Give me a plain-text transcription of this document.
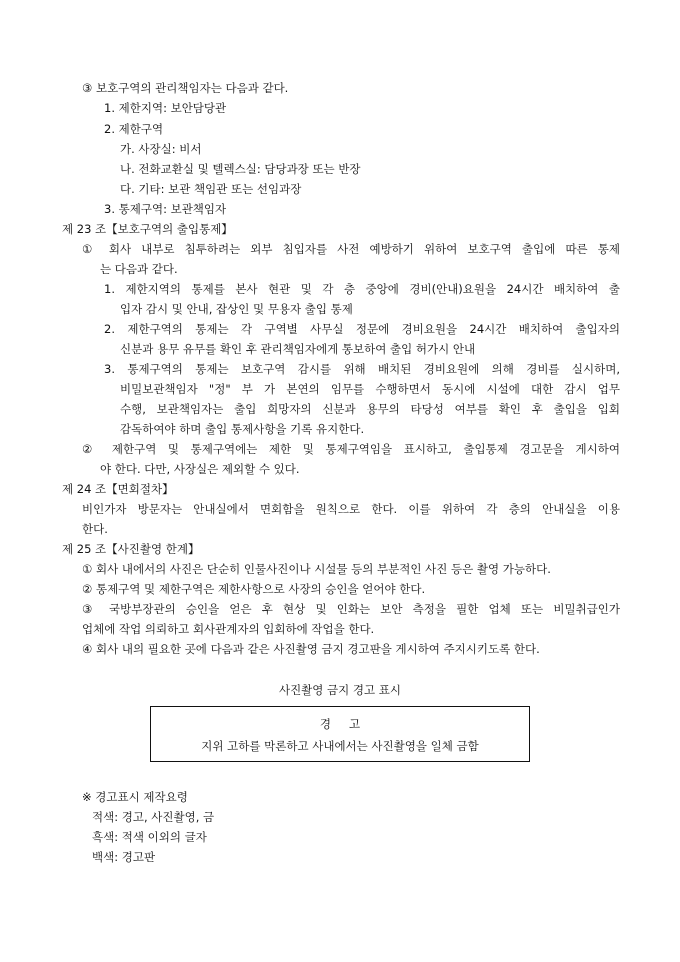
③ 보호구역의 관리책임자는 다음과 같다.
1. 제한지역: 보안담당관
2. 제한구역
가. 사장실: 비서
나. 전화교환실 및 텔렉스실: 담당과장 또는 반장
다. 기타: 보관 책임관 또는 선임과장
3. 통제구역: 보관책임자
제 23 조【보호구역의 출입통제】
① 회사 내부로 침투하려는 외부 침입자를 사전 예방하기 위하여 보호구역 출입에 따른 통제
는 다음과 같다.
1. 제한지역의 통제를 본사 현관 및 각 층 중앙에 경비(안내)요원을 24시간 배치하여 출
입자 감시 및 안내, 잡상인 및 무용자 출입 통제
2. 제한구역의 통제는 각 구역별 사무실 정문에 경비요원을 24시간 배치하여 출입자의
신분과 용무 유무를 확인 후 관리책임자에게 통보하여 출입 허가시 안내
3. 통제구역의 통제는 보호구역 감시를 위해 배치된 경비요원에 의해 경비를 실시하며,
비밀보관책임자 "정" 부 가 본연의 임무를 수행하면서 동시에 시설에 대한 감시 업무
수행, 보관책임자는 출입 희망자의 신분과 용무의 타당성 여부를 확인 후 출입을 입회
감독하여야 하며 출입 통제사항을 기록 유지한다.
② 제한구역 및 통제구역에는 제한 및 통제구역임을 표시하고, 출입통제 경고문을 게시하여
야 한다. 다만, 사장실은 제외할 수 있다.
제 24 조【면회절차】
비인가자 방문자는 안내실에서 면회함을 원칙으로 한다. 이를 위하여 각 층의 안내실을 이용
한다.
제 25 조【사진촬영 한계】
① 회사 내에서의 사진은 단순히 인물사진이나 시설물 등의 부분적인 사진 등은 촬영 가능하다.
② 통제구역 및 제한구역은 제한사항으로 사장의 승인을 얻어야 한다.
③ 국방부장관의 승인을 얻은 후 현상 및 인화는 보안 측정을 필한 업체 또는 비밀취급인가
업체에 작업 의뢰하고 회사관계자의 입회하에 작업을 한다.
④ 회사 내의 필요한 곳에 다음과 같은 사진촬영 금지 경고판을 게시하여 주지시키도록 한다.
사진촬영 금지 경고 표시
경고
지위 고하를 막론하고 사내에서는 사진촬영을 일체 금함
※ 경고표시 제작요령
적색: 경고, 사진촬영, 금
흑색: 적색 이외의 글자
백색: 경고판
